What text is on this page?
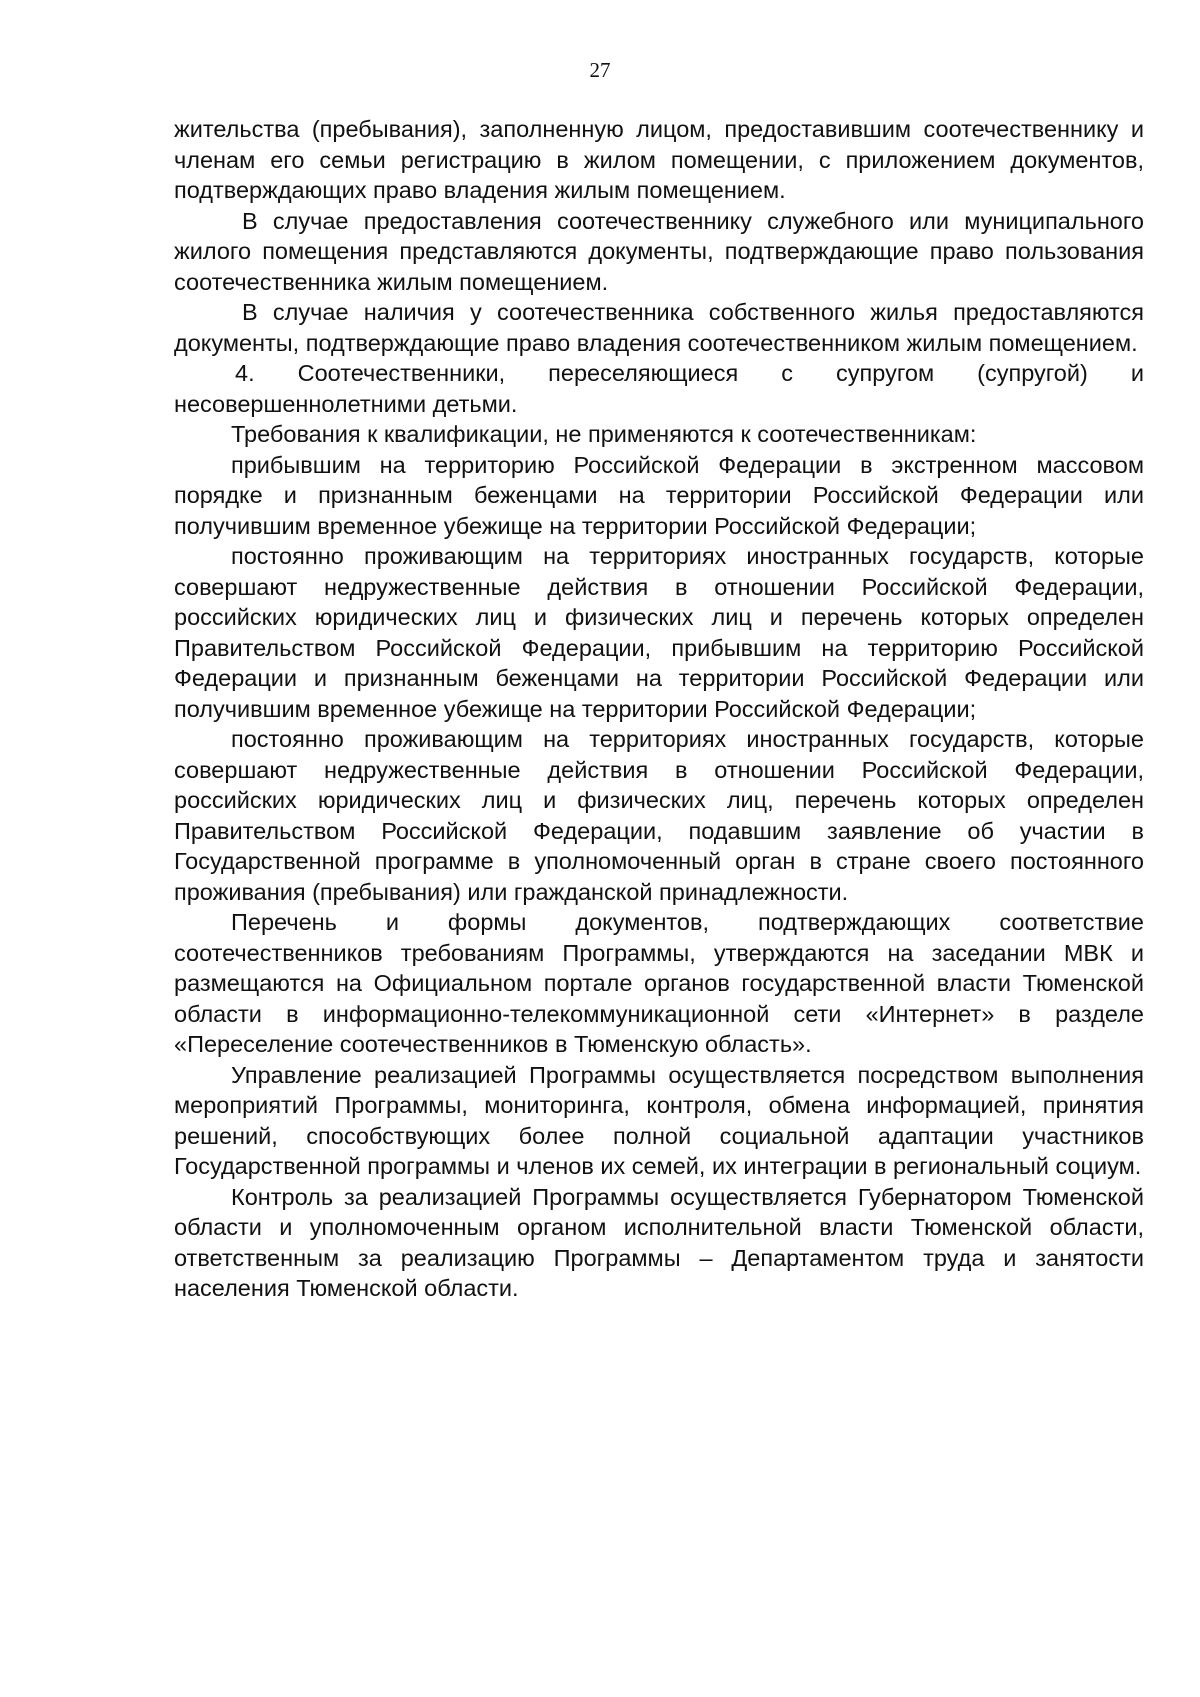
27

жительства (пребывания), заполненную лицом, предоставившим соотечественнику и членам его семьи регистрацию в жилом помещении, с приложением документов, подтверждающих право владения жилым помещением.

В случае предоставления соотечественнику служебного или муниципального жилого помещения представляются документы, подтверждающие право пользования соотечественника жилым помещением.

В случае наличия у соотечественника собственного жилья предоставляются документы, подтверждающие право владения соотечественником жилым помещением.

4. Соотечественники, переселяющиеся с супругом (супругой) и несовершеннолетними детьми.

Требования к квалификации, не применяются к соотечественникам:

прибывшим на территорию Российской Федерации в экстренном массовом порядке и признанным беженцами на территории Российской Федерации или получившим временное убежище на территории Российской Федерации;

постоянно проживающим на территориях иностранных государств, которые совершают недружественные действия в отношении Российской Федерации, российских юридических лиц и физических лиц и перечень которых определен Правительством Российской Федерации, прибывшим на территорию Российской Федерации и признанным беженцами на территории Российской Федерации или получившим временное убежище на территории Российской Федерации;

постоянно проживающим на территориях иностранных государств, которые совершают недружественные действия в отношении Российской Федерации, российских юридических лиц и физических лиц, перечень которых определен Правительством Российской Федерации, подавшим заявление об участии в Государственной программе в уполномоченный орган в стране своего постоянного проживания (пребывания) или гражданской принадлежности.

Перечень и формы документов, подтверждающих соответствие соотечественников требованиям Программы, утверждаются на заседании МВК и размещаются на Официальном портале органов государственной власти Тюменской области в информационно-телекоммуникационной сети «Интернет» в разделе «Переселение соотечественников в Тюменскую область».

Управление реализацией Программы осуществляется посредством выполнения мероприятий Программы, мониторинга, контроля, обмена информацией, принятия решений, способствующих более полной социальной адаптации участников Государственной программы и членов их семей, их интеграции в региональный социум.

Контроль за реализацией Программы осуществляется Губернатором Тюменской области и уполномоченным органом исполнительной власти Тюменской области, ответственным за реализацию Программы – Департаментом труда и занятости населения Тюменской области.
